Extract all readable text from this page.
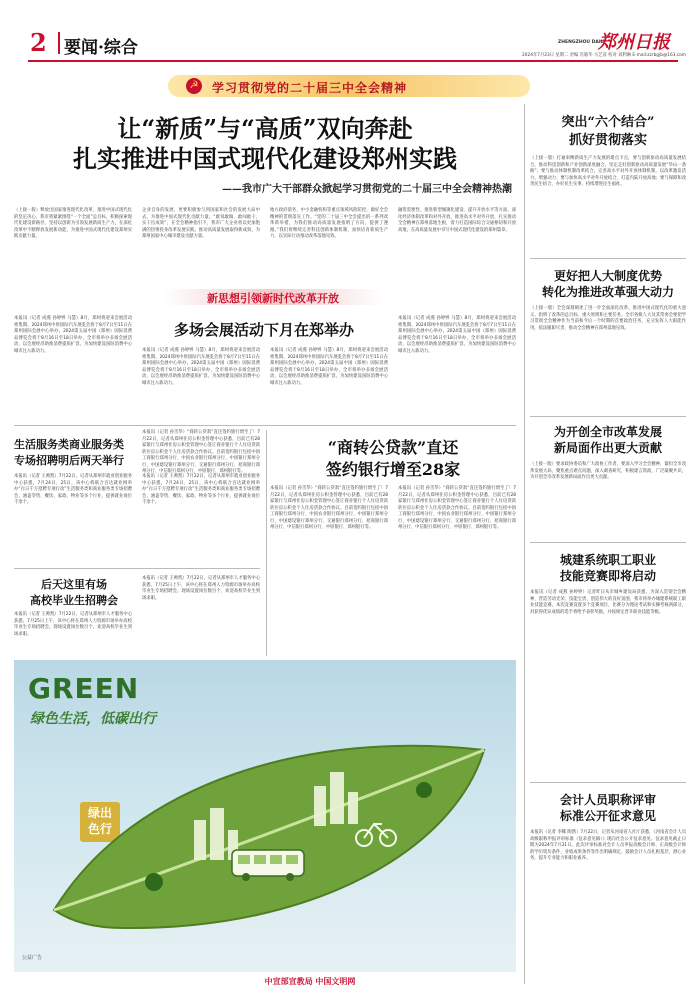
2	要闻·综合	ZHENGZHOU DAILY
郑州日报
2024年7月23日 星期二 责编 肖敏华 马艺彦 校对 刘利琳 E-mail:zzrbgjb@163.com
☭ 学习贯彻党的二十届三中全会精神
让“新质”与“高质”双向奔赴
扎实推进中国式现代化建设郑州实践
——我市广大干部群众掀起学习贯彻党的二十届三中全会精神热潮
（上接一版）释放出国家推进现代化改革、推进中国式现代化的坚定决心，我市将紧紧围绕“一个全面”总目标，积极探索现代化建设新路径，坚持以创新为引领发展新质生产力，在深化改革中不断释放发展新动能，为推进中国式现代化建设郑州实践贡献力量。
企业自身的发展，更要积极参与到国家和社会的发展大局中去，为推进中国式现代化贡献力量。“敢说敢做、敢闯敢干，实干出成效”，在全会精神指引下，我市广大企业将以更加饱满的热情投身改革发展实践，推动高质量发展取得新成效，为郑州国家中心城市建设贡献力量。
地方政府债务、中小金融机构等重点领域风险防控，做好全会精神的贯彻落实工作。“党的二十届三中全会提出的一系列改革新举措，为我们推动高质量发展指明了方向，提供了遵循。”我们将继续完善科技创新体制机制，加快培育新质生产力，以实际行动推动改革落地见效。
融资需要性、推进新型城镇化建设、提升开放水平等方面，深化经济体制改革和对外开放，推进高水平对外开放，扎实推动全会精神在郑州落地生根，着力打造国际综合交通枢纽和开放高地，在高质量发展中书写中国式现代化建设的郑州篇章。
新思想引领新时代改革开放
多场会展活动下月在郑举办
本报讯（记者 成燕 孙婷婷 马慧）8月，郑州将迎来会展活动密集期。2024郑州中原国际汽车展览会将于8月7日至11日在郑州国际会展中心举办，2024第五届中国（郑州）国际消费品博览会将于8月16日至18日举办，全市将举办多场会展活动，以会展经济助推消费提质扩容，为加快建设国际消费中心城市注入新动力。	本报讯（记者 成燕 孙婷婷 马慧）8月，郑州将迎来会展活动密集期。2024郑州中原国际汽车展览会将于8月7日至11日在郑州国际会展中心举办，2024第五届中国（郑州）国际消费品博览会将于8月16日至18日举办，全市将举办多场会展活动，以会展经济助推消费提质扩容，为加快建设国际消费中心城市注入新动力。
本报讯（记者 成燕 孙婷婷 马慧）8月，郑州将迎来会展活动密集期。2024郑州中原国际汽车展览会将于8月7日至11日在郑州国际会展中心举办，2024第五届中国（郑州）国际消费品博览会将于8月16日至18日举办，全市将举办多场会展活动，以会展经济助推消费提质扩容，为加快建设国际消费中心城市注入新动力。
本报讯（记者 成燕 孙婷婷 马慧）8月，郑州将迎来会展活动密集期。2024郑州中原国际汽车展览会将于8月7日至11日在郑州国际会展中心举办，2024第五届中国（郑州）国际消费品博览会将于8月16日至18日举办，全市将举办多场会展活动，以会展经济助推消费提质扩容，为加快建设国际消费中心城市注入新动力。
生活服务类商业服务类
专场招聘明后两天举行
本报讯（记者 王帅凯）7月22日，记者从郑州市就业创业服务中心获悉，7月24日、25日，该中心将联合百达就业网举办“百日千万招聘专项行动”生活服务类和商业服务类专场招聘会，涵盖零售、餐饮、家政、物业等多个行业，提供就业岗位千余个。
本报讯（记者 王帅凯）7月22日，记者从郑州市就业创业服务中心获悉，7月24日、25日，该中心将联合百达就业网举办“百日千万招聘专项行动”生活服务类和商业服务类专场招聘会，涵盖零售、餐饮、家政、物业等多个行业，提供就业岗位千余个。
后天这里有场
高校毕业生招聘会
本报讯（记者 王帅凯）7月22日，记者从郑州市人才服务中心获悉，7月25日上午，该中心将在郑州人力资源市场举办高校毕业生专场招聘会，现场设置岗位数百个，欢迎高校毕业生到场求职。
本报讯（记者 王帅凯）7月22日，记者从郑州市人才服务中心获悉，7月25日上午，该中心将在郑州人力资源市场举办高校毕业生专场招聘会，现场设置岗位数百个，欢迎高校毕业生到场求职。
“商转公贷款”直还
签约银行增至28家
本报讯（记者 孙雪华）“商转公贷款”直还签约银行增至了！7月22日，记者从郑州住房公积金管理中心获悉，目前已有28家银行与郑州住房公积金管理中心签订商业银行个人住房贷款转住房公积金个人住房贷款合作协议。目前签约银行包括中国工商银行郑州分行、中国农业银行郑州分行、中国银行郑州分行、中国建设银行郑州分行、交通银行郑州分行、招商银行郑州分行、中信银行郑州分行、中原银行、郑州银行等。
本报讯（记者 孙雪华）“商转公贷款”直还签约银行增至了！7月22日，记者从郑州住房公积金管理中心获悉，目前已有28家银行与郑州住房公积金管理中心签订商业银行个人住房贷款转住房公积金个人住房贷款合作协议。目前签约银行包括中国工商银行郑州分行、中国农业银行郑州分行、中国银行郑州分行、中国建设银行郑州分行、交通银行郑州分行、招商银行郑州分行、中信银行郑州分行、中原银行、郑州银行等。
本报讯（记者 孙雪华）“商转公贷款”直还签约银行增至了！7月22日，记者从郑州住房公积金管理中心获悉，目前已有28家银行与郑州住房公积金管理中心签订商业银行个人住房贷款转住房公积金个人住房贷款合作协议。目前签约银行包括中国工商银行郑州分行、中国农业银行郑州分行、中国银行郑州分行、中国建设银行郑州分行、交通银行郑州分行、招商银行郑州分行、中信银行郑州分行、中原银行、郑州银行等。
GREEN
绿色生活，低碳出行
绿出
色行
公益广告
中宣部宣教局 中国文明网
突出“六个结合”
抓好贯彻落实
（上接一版）打通束缚新质生产力发展的堵点卡点，要与创新驱动高质量发展结合，推动科技创新和产业创新深度融合，坚定走好创新驱动高质量发展“华山一条路”；要与推动体制机制改革结合，完善高水平对外开放体制机制，以改革激发活力、增强动力；要与加快高水平对外开放结合，打造内陆开放高地；要与保障和改善民生结合，办好民生实事，持续增进民生福祉。
更好把人大制度优势
转化为推进改革强大动力
（上接一版）全会深刻阐述了进一步全面深化改革、推进中国式现代化的重大意义，指明了改革的总目标、重大原则和主要任务。全市各级人大及其常委会要把学习贯彻全会精神作为当前和今后一个时期的首要政治任务，充分发挥人大职能作用，依法履职尽责，推动全会精神在郑州落地见效。
为开创全市改革发展
新局面作出更大贡献
（上接一版）要求政协委员和广大政协工作者，要深入学习全会精神，紧扣全市改革发展大局，聚焦重点难点问题，深入调查研究，积极建言资政，广泛凝聚共识，为开创全市改革发展新局面作出更大贡献。
城建系统职工职业
技能竞赛即将启动
本报讯（记者 成燕 孙婷婷）记者昨日从市城乡建设局获悉，为深入贯彻全会精神，营造劳动光荣、技能宝贵、创造伟大的良好氛围，我市将举办城建系统职工职业技能竞赛。本次竞赛设置多个竞赛项目，比赛分为理论考试和实操考核两部分，对获得优异成绩的选手将给予表彰奖励，并按规定晋升职业技能等级。
会计人员职称评审
标准公开征求意见
本报讯（记者 李娜 陶然）7月22日，记者从河南省人社厅获悉，《河南省会计人员高级职称申报评审标准（征求意见稿）》现向社会公开征求意见。征求意见截止日期为2024年7月31日。此次评审标准对会计人员申报高级会计师、正高级会计师的学历资历条件、业绩成果条件等作出明确规定，鼓励会计人员扎根基层、潜心业务，提升专业能力和职业素养。
